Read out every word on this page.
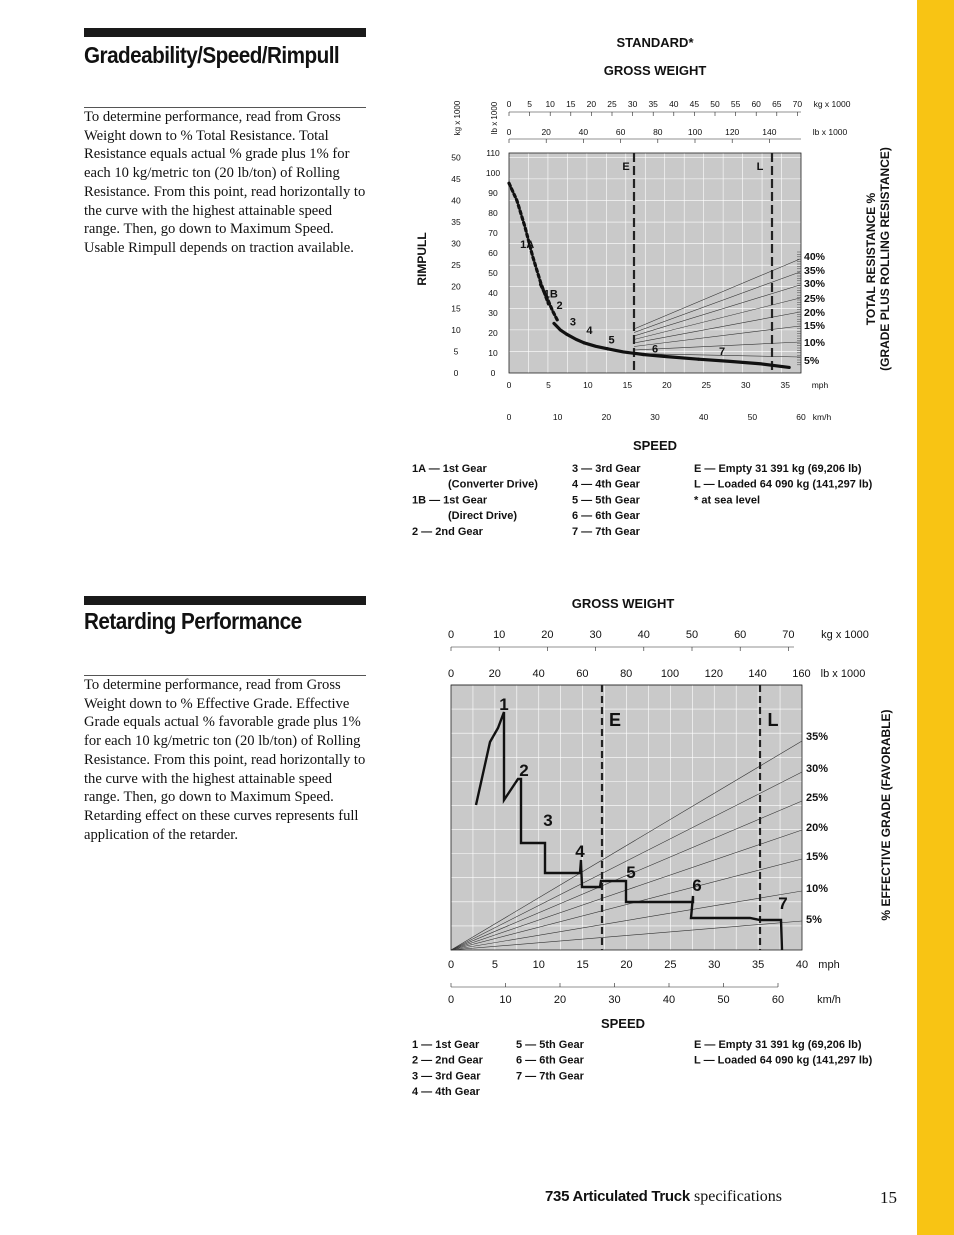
Gradeability/Speed/Rimpull

To determine performance, read from Gross Weight down to % Total Resistance. Total Resistance equals actual % grade plus 1% for each 10 kg/metric ton (20 lb/ton) of Rolling Resistance. From this point, read horizontally to the curve with the highest attainable speed range. Then, go down to Maximum Speed. Usable Rimpull depends on traction available.

Retarding Performance

To determine performance, read from Gross Weight down to % Effective Grade. Effective Grade equals actual % favorable grade plus 1% for each 10 kg/metric ton (20 lb/ton) of Rolling Resistance. From this point, read horizontally to the curve with the highest attainable speed range. Then, go down to Maximum Speed. Retarding effect on these curves represents full application of the retarder.

E	L
1A
1B
2
3
4
5
6	7
STANDARD*
GROSS WEIGHT
0 5 10 15 20 25 30 35 40 45 50 55 60 65 70 kg x 1000
0	20	40	60	80	100	120	140	lb x 1000
kg x 1000	lb x 1000
0
5
10
15
20
25
30
35
40
45
50
0
10
20
30
40
50
60
70
80
90
100
110
RIMPULL
0	5	10	15	20	25	30	35	mph
0	10	20	30	40	50	60 km/h
SPEED
40%
35%
30%
25%
20%
15%
10%
5%
TOTAL RESISTANCE % (GRADE PLUS ROLLING RESISTANCE)
1A — 1st Gear
(Converter Drive)
1B — 1st Gear
(Direct Drive)
2 — 2nd Gear
3 — 3rd Gear
4 — 4th Gear
5 — 5th Gear
6 — 6th Gear
7 — 7th Gear
E — Empty 31 391 kg (69,206 lb)
L — Loaded 64 090 kg (141,297 lb)
* at sea level
E	L
1
2
3
4
5
6
7
GROSS WEIGHT
0	10	20	30	40	50	60	70 kg x 1000
0	20	40	60	80	100 120 140 160 lb x 1000
0	5	10	15	20	25	30	35	40 mph
0	10	20	30	40	50	60	km/h
SPEED
35%
30%
25%
20%
15%
10%
5%	% EFFECTIVE GRADE (FAVORABLE)
1 — 1st Gear
2 — 2nd Gear
3 — 3rd Gear
4 — 4th Gear
5 — 5th Gear
6 — 6th Gear
7 — 7th Gear
E — Empty 31 391 kg (69,206 lb)
L — Loaded 64 090 kg (141,297 lb)
735 Articulated Truck specifications	15
